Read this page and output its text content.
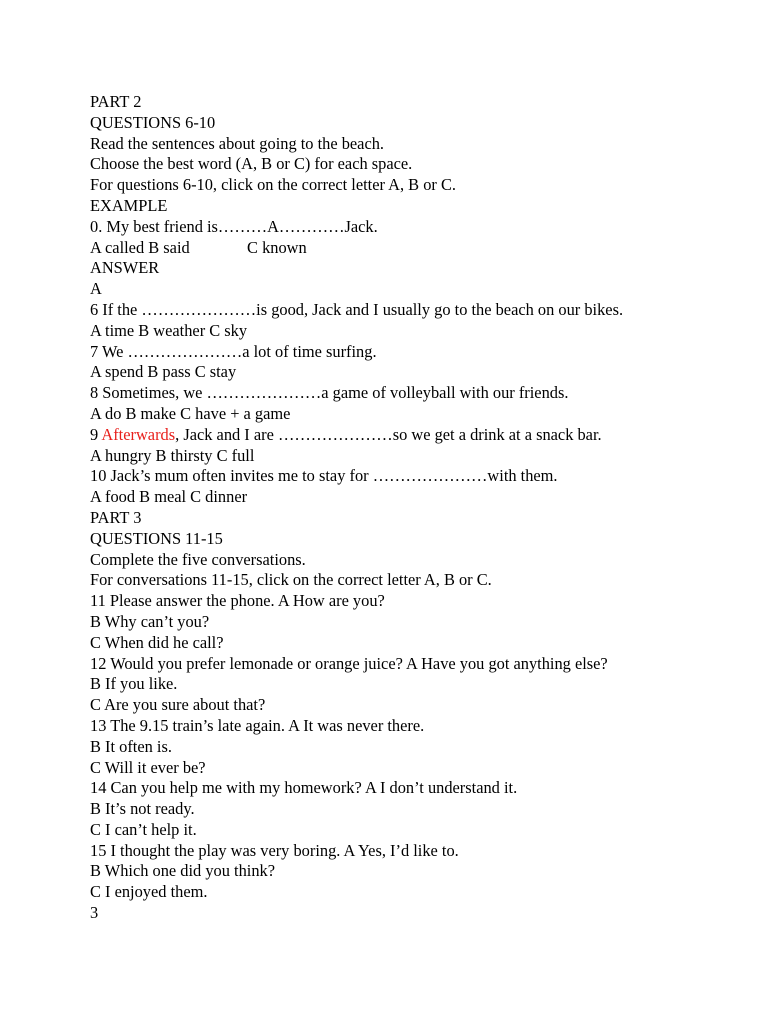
PART 2
QUESTIONS 6-10
Read the sentences about going to the beach.
Choose the best word (A, B or C) for each space.
For questions 6-10, click on the correct letter A, B or C.
EXAMPLE
0. My best friend is………A…………Jack.
A called B said              C known
ANSWER
A
6 If the …………………is good, Jack and I usually go to the beach on our bikes.
A time B weather C sky
7 We …………………a lot of time surfing.
A spend B pass C stay
8 Sometimes, we …………………a game of volleyball with our friends.
A do B make C have + a game
9 Afterwards, Jack and I are …………………so we get a drink at a snack bar.
A hungry B thirsty C full
10 Jack’s mum often invites me to stay for …………………with them.
A food B meal C dinner
PART 3
QUESTIONS 11-15
Complete the five conversations.
For conversations 11-15, click on the correct letter A, B or C.
11 Please answer the phone. A How are you?
B Why can’t you?
C When did he call?
12 Would you prefer lemonade or orange juice? A Have you got anything else?
B If you like.
C Are you sure about that?
13 The 9.15 train’s late again. A It was never there.
B It often is.
C Will it ever be?
14 Can you help me with my homework? A I don’t understand it.
B It’s not ready.
C I can’t help it.
15 I thought the play was very boring. A Yes, I’d like to.
B Which one did you think?
C I enjoyed them.
3
